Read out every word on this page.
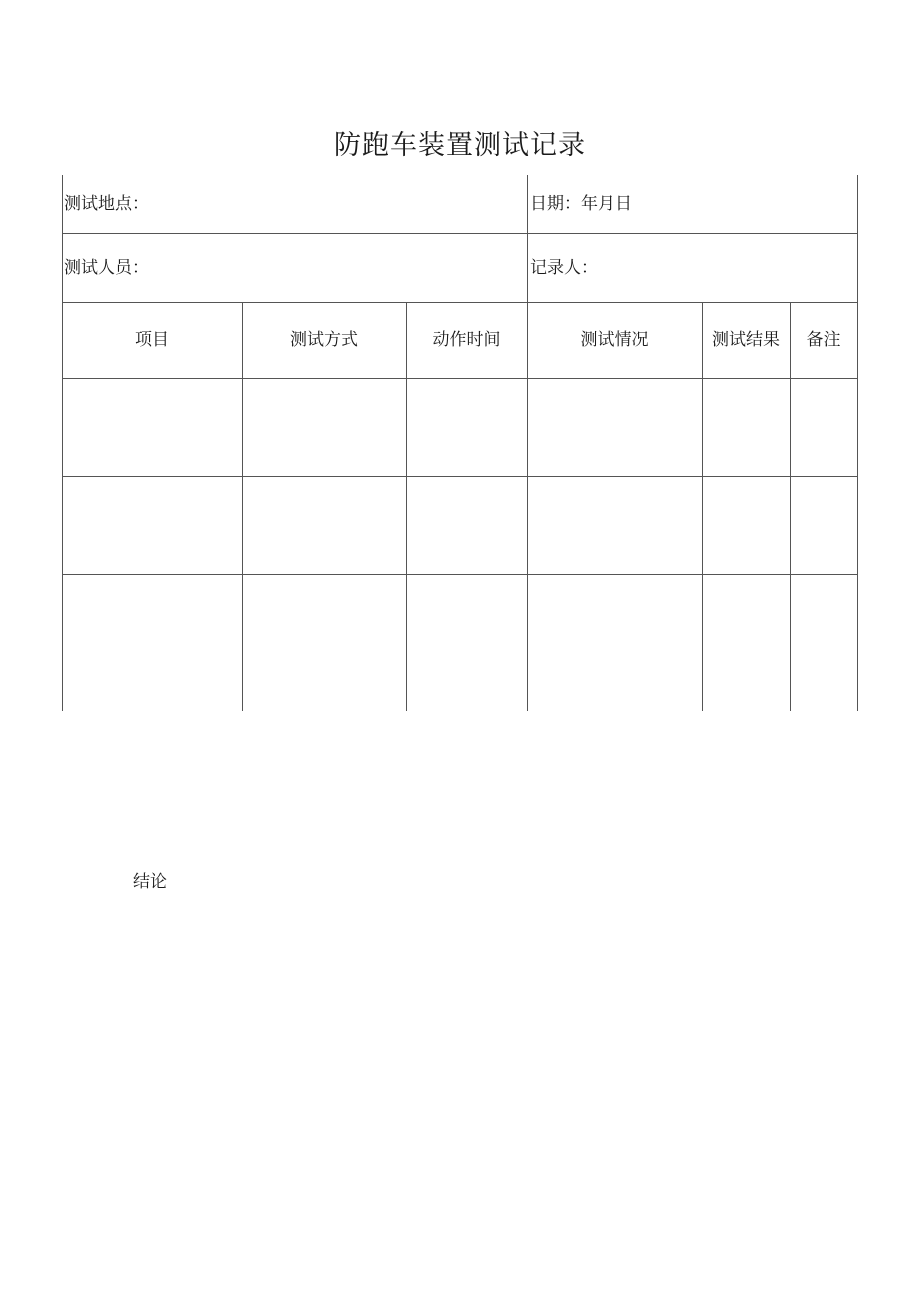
防跑车装置测试记录
测试地点：	日期：年月日
测试人员：	记录人：
项目	测试方式	动作时间	测试情况	测试结果	备注
结论
